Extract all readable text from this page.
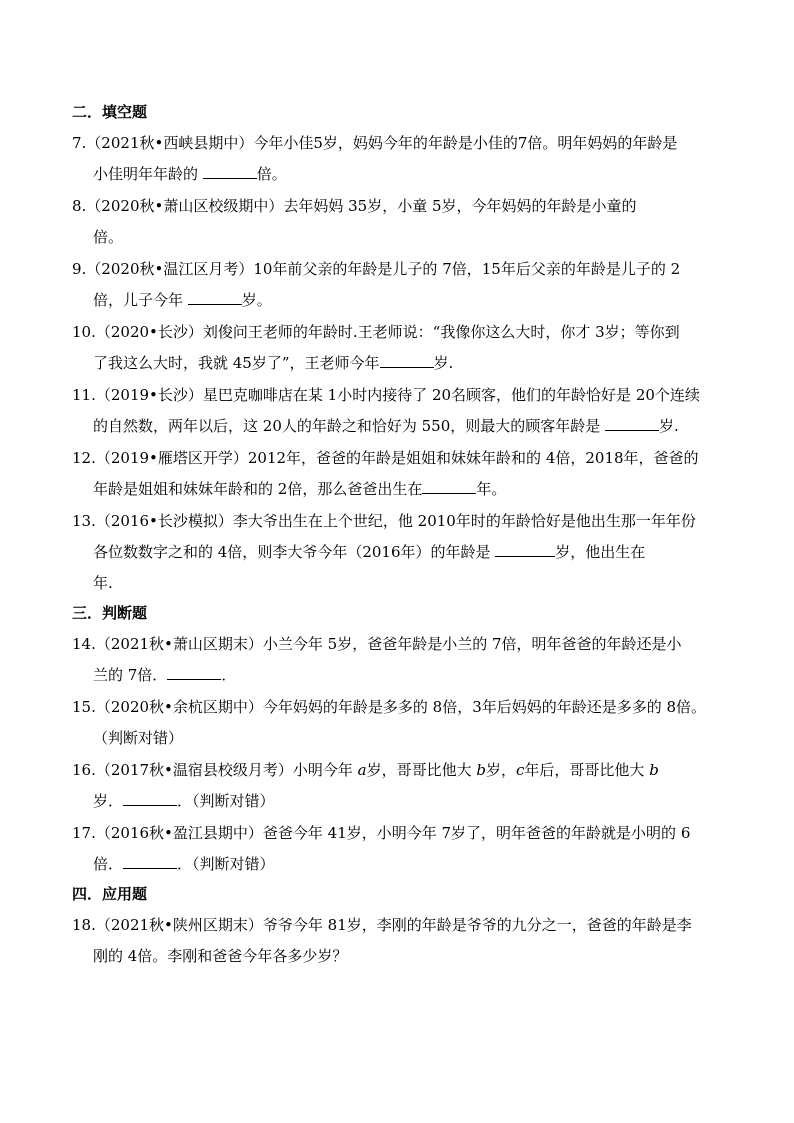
二．填空题
7.（2021秋•西峡县期中）今年小佳5岁，妈妈今年的年龄是小佳的7倍。明年妈妈的年龄是
小佳明年年龄的	倍。
8.（2020秋•萧山区校级期中）去年妈妈 35岁，小童 5岁，今年妈妈的年龄是小童的
倍。
9.（2020秋•温江区月考）10年前父亲的年龄是儿子的 7倍，15年后父亲的年龄是儿子的 2
倍，儿子今年	岁。
10.（2020•长沙）刘俊问王老师的年龄时.王老师说：“我像你这么大时，你才 3岁；等你到
了我这么大时，我就 45岁了”，王老师今年	岁.
11.（2019•长沙）星巴克咖啡店在某 1小时内接待了 20名顾客，他们的年龄恰好是 20个连续
的自然数，两年以后，这 20人的年龄之和恰好为 550，则最大的顾客年龄是	岁.
12.（2019•雁塔区开学）2012年，爸爸的年龄是姐姐和妹妹年龄和的 4倍，2018年，爸爸的
年龄是姐姐和妹妹年龄和的 2倍，那么爸爸出生在	年。
13.（2016•长沙模拟）李大爷出生在上个世纪，他 2010年时的年龄恰好是他出生那一年年份
各位数数字之和的 4倍，则李大爷今年（2016年）的年龄是	岁，他出生在
年.
三．判断题
14.（2021秋•萧山区期末）小兰今年 5岁，爸爸年龄是小兰的 7倍，明年爸爸的年龄还是小
兰的 7倍．	．
15.（2020秋•余杭区期中）今年妈妈的年龄是多多的 8倍，3年后妈妈的年龄还是多多的 8倍。
（判断对错）
16.（2017秋•温宿县校级月考）小明今年 a岁，哥哥比他大 b岁，c年后，哥哥比他大 b
岁．	．（判断对错）
17.（2016秋•盈江县期中）爸爸今年 41岁，小明今年 7岁了，明年爸爸的年龄就是小明的 6
倍．	．（判断对错）
四．应用题
18.（2021秋•陕州区期末）爷爷今年 81岁，李刚的年龄是爷爷的九分之一，爸爸的年龄是李
刚的 4倍。李刚和爸爸今年各多少岁？
